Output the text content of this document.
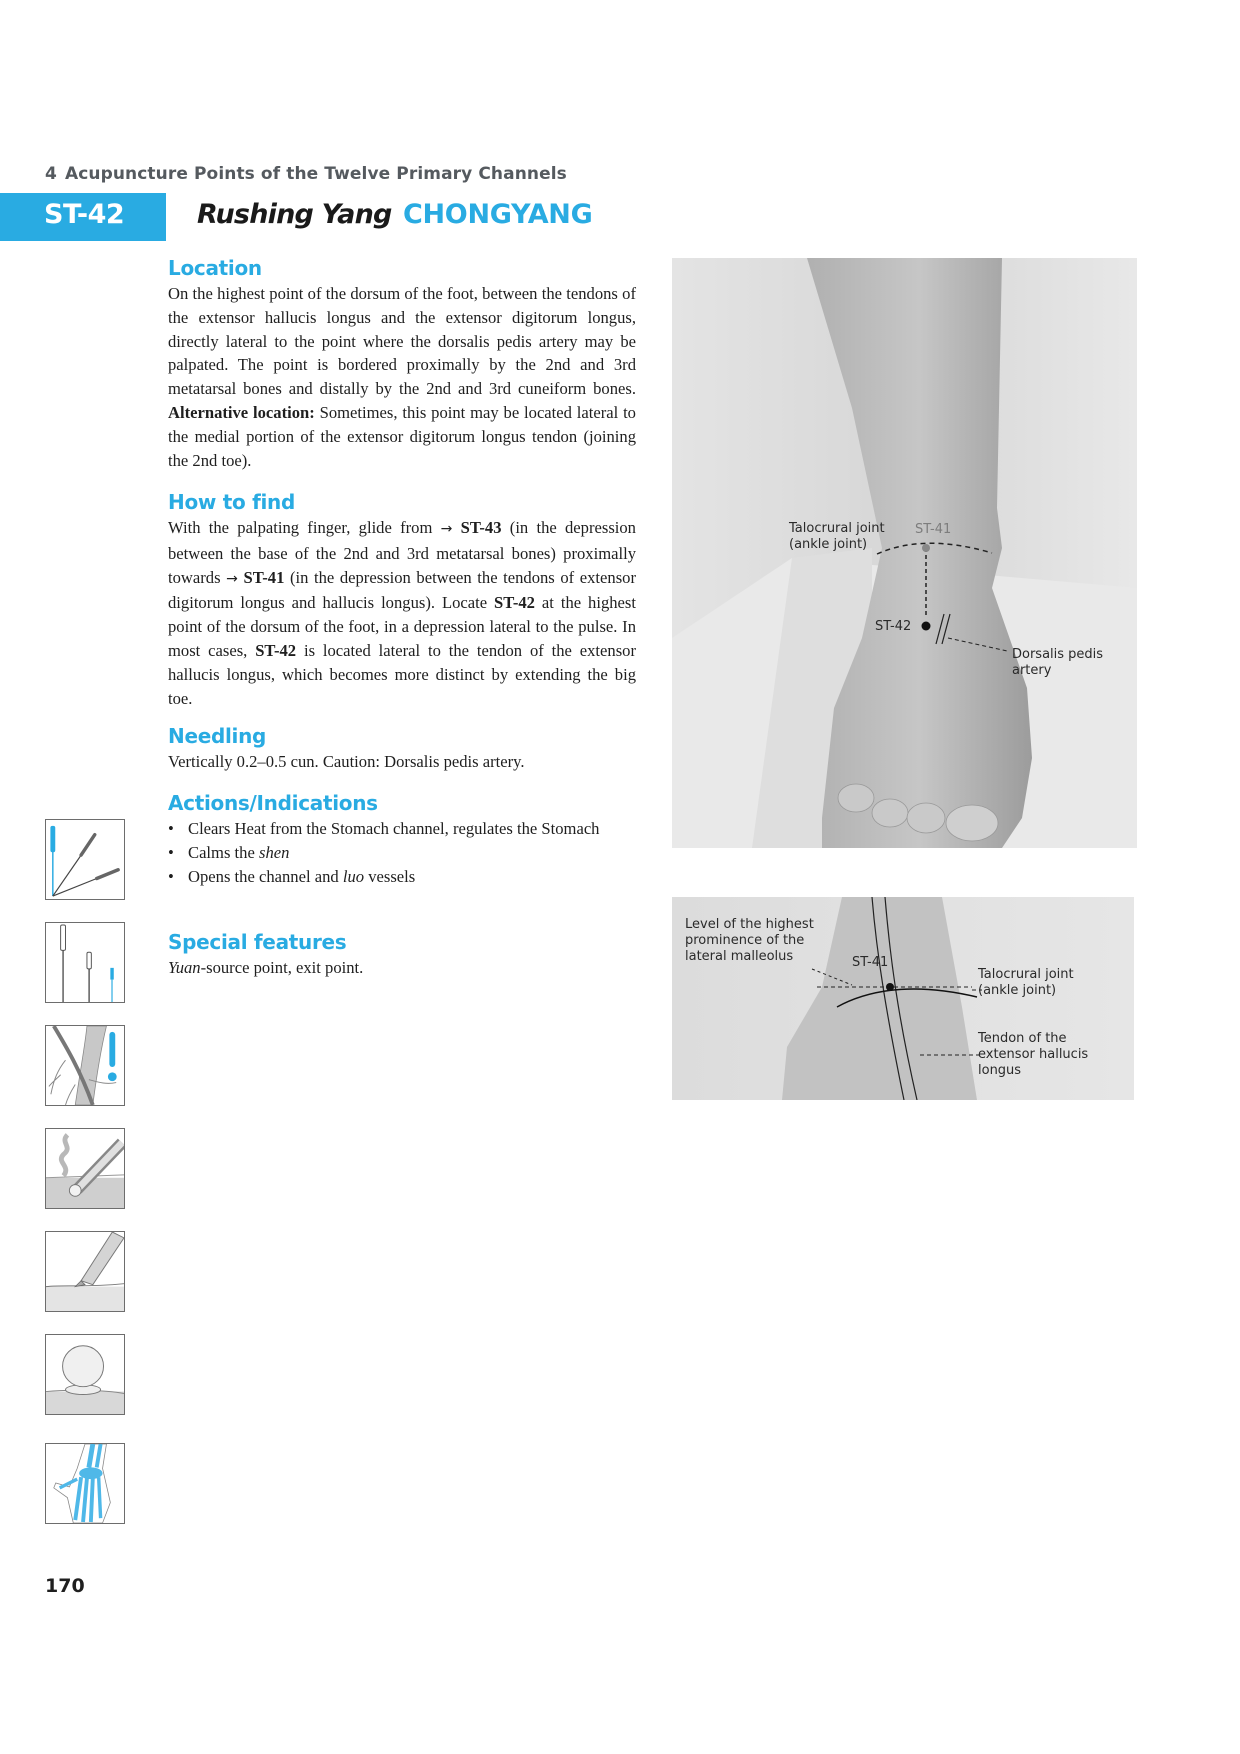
4 Acupuncture Points of the Twelve Primary Channels
ST-42	Rushing Yang CHONGYANG
Location

On the highest point of the dorsum of the foot, between the tendons of the extensor hallucis longus and the extensor digitorum longus, directly lateral to the point where the dorsalis pedis artery may be palpated. The point is bordered proximally by the 2nd and 3rd metatarsal bones and distally by the 2nd and 3rd cuneiform bones. Alternative location: Sometimes, this point may be located lateral to the medial portion of the extensor digitorum longus tendon (joining the 2nd toe).

How to find

With the palpating finger, glide from → ST-43 (in the depression between the base of the 2nd and 3rd metatarsal bones) proximally towards → ST-41 (in the depression between the tendons of extensor digitorum longus and hallucis longus). Locate ST-42 at the highest point of the dorsum of the foot, in a depression lateral to the pulse. In most cases, ST-42 is located lateral to the tendon of the extensor hallucis longus, which becomes more distinct by extending the big toe.

Needling

Vertically 0.2–0.5 cun. Caution: Dorsalis pedis artery.

Actions/Indications
• Clears Heat from the Stomach channel, regulates the Stomach
• Calms the shen
• Opens the channel and luo vessels
Special features

Yuan-source point, exit point.

Talocrural joint
(ankle joint)
ST-41
ST-42
Dorsalis pedis
artery
Level of the highest
prominence of the
lateral malleolus	ST-41
Talocrural joint
(ankle joint)
Tendon of the
extensor hallucis
longus
170
